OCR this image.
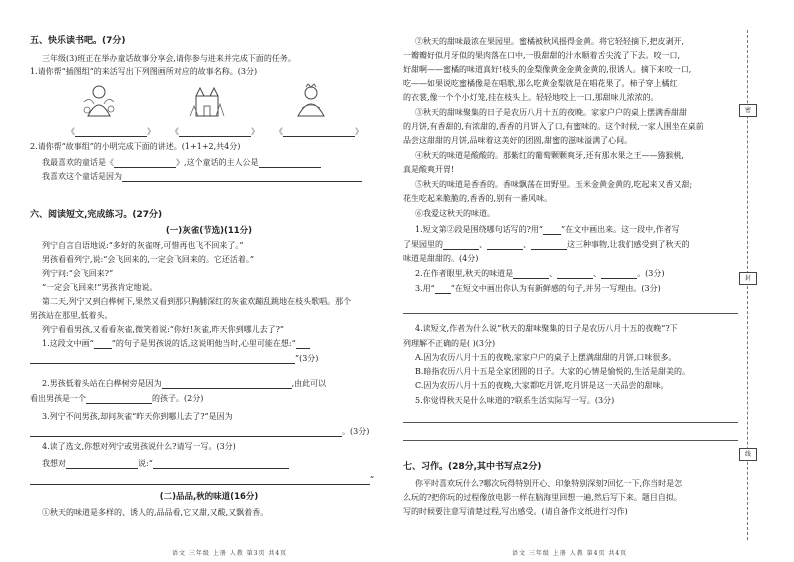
五、快乐读书吧。(7分)
三年级(3)班正在举办童话故事分享会,请你参与进来并完成下面的任务。
1.请你帮“插图组”的来活写出下列图画所对应的故事名称。(3分)
《	》 《	》 《	》
2.请你帮“故事组”的小明完成下面的讲述。(1+1+2,共4分)
我最喜欢的童话是《	》,这个童话的主人公是
我喜欢这个童话是因为
六、阅读短文,完成练习。(27分)
(一)灰雀(节选)(11分)
列宁自言自语地说:“多好的灰雀呀,可惜再也飞不回来了。”
男孩看看列宁,说:“会飞回来的,一定会飞回来的。它还活着。”
列宁问:“会飞回来?”
“一定会飞回来!”男孩肯定地说。
第二天,列宁又到白桦树下,果然又看到那只胸脯深红的灰雀欢蹦乱跳地在枝头歌唱。那个
男孩站在那里,低着头。
列宁看看男孩,又看看灰雀,微笑着说:“你好!灰雀,昨天你到哪儿去了?”
1.这段文中画“ ”的句子是男孩说的话,这说明他当时,心里可能在想:“
”(3分)
2.男孩低着头站在白桦树旁是因为	,由此可以
看出男孩是一个	的孩子。(2分)
3.列宁不问男孩,却问灰雀“昨天你到哪儿去了?”是因为
。(3分)
4.读了选文,你想对列宁或男孩说什么?请写一写。(3分)
我想对	说:“
”
(二)品品,秋的味道(16分)
①秋天的味道是多样的、诱人的,品品看,它又甜,又酸,又飘着香。
语文 三年级 上册 人教 第3页 共4页
②秋天的甜味最浓在果园里。蜜橘被秋风摇得金黄。将它轻轻摘下,把皮剥开,
一瓣瓣好似月牙似的果肉落在口中,一股甜甜的汁水顺着舌尖流了下去。咬一口,
好甜啊——蜜橘的味道真好!枝头的金梨像黄金金黄金黄的,很诱人。摘下来咬一口,
吃——如果说吃蜜橘像是在唱歌,那么吃黄金梨就是在唱花果了。柿子穿上橘红
的衣裳,像一个个小灯笼,挂在枝头上。轻轻地咬上一口,那甜味儿浓浓的。
③秋天的甜味聚集的日子是农历八月十五的夜晚。家家户户的桌上摆满香甜甜
的月饼,有香甜的,有浓甜的,香香的月饼入了口,有蜜味的。这个时候,一家人围坐在桌前
品尝这甜甜的月饼,品味着这美好的团圆,甜蜜的滋味溢满了心间。
④秋天的味道是酸酸的。那紫红的葡萄颗颗爽牙,还有那水果之王——猕猴桃,
真是酸爽开胃!
⑤秋天的味道是香香的。香味飘荡在田野里。玉米金黄金黄的,吃起来又香又甜;
花生吃起来脆脆的,香香的,别有一番风味。
⑥我爱这秋天的味道。
1.短文第②段是围绕哪句话写的?用“ ”在文中画出来。这一段中,作者写
了果园里的	、	、	这三种事物,让我们感受到了秋天的
味道是甜甜的。(4分)
2.在作者眼里,秋天的味道是	、	、	。(3分)
3.用“ ”在短文中画出你认为有新鲜感的句子,并另一写理由。(3分)
4.读短文,作者为什么说“秋天的甜味聚集的日子是农历八月十五的夜晚”?下
列理解不正确的是( )(3分)
A.因为农历八月十五的夜晚,家家户户的桌子上摆满甜甜的月饼,口味很多。
B.暗指农历八月十五是全家团圆的日子。大家的心情是愉悦的,生活是甜美的。
C.因为农历八月十五的夜晚,大家都吃月饼,吃月饼是这一天品尝的甜味。
5.你觉得秋天是什么味道的?联系生活实际写一写。(3分)
七、习作。(28分,其中书写点2分)
你平时喜欢玩什么?哪次玩得特别开心、印象特别深刻?回忆一下,你当时是怎
么玩的?把你玩的过程像放电影一样在脑海里回想一遍,然后写下来。题目自拟。
写的时候要注意写清楚过程,写出感受。(请自备作文纸进行习作)
语文 三年级 上册 人教 第4页 共4页
密
封
线
